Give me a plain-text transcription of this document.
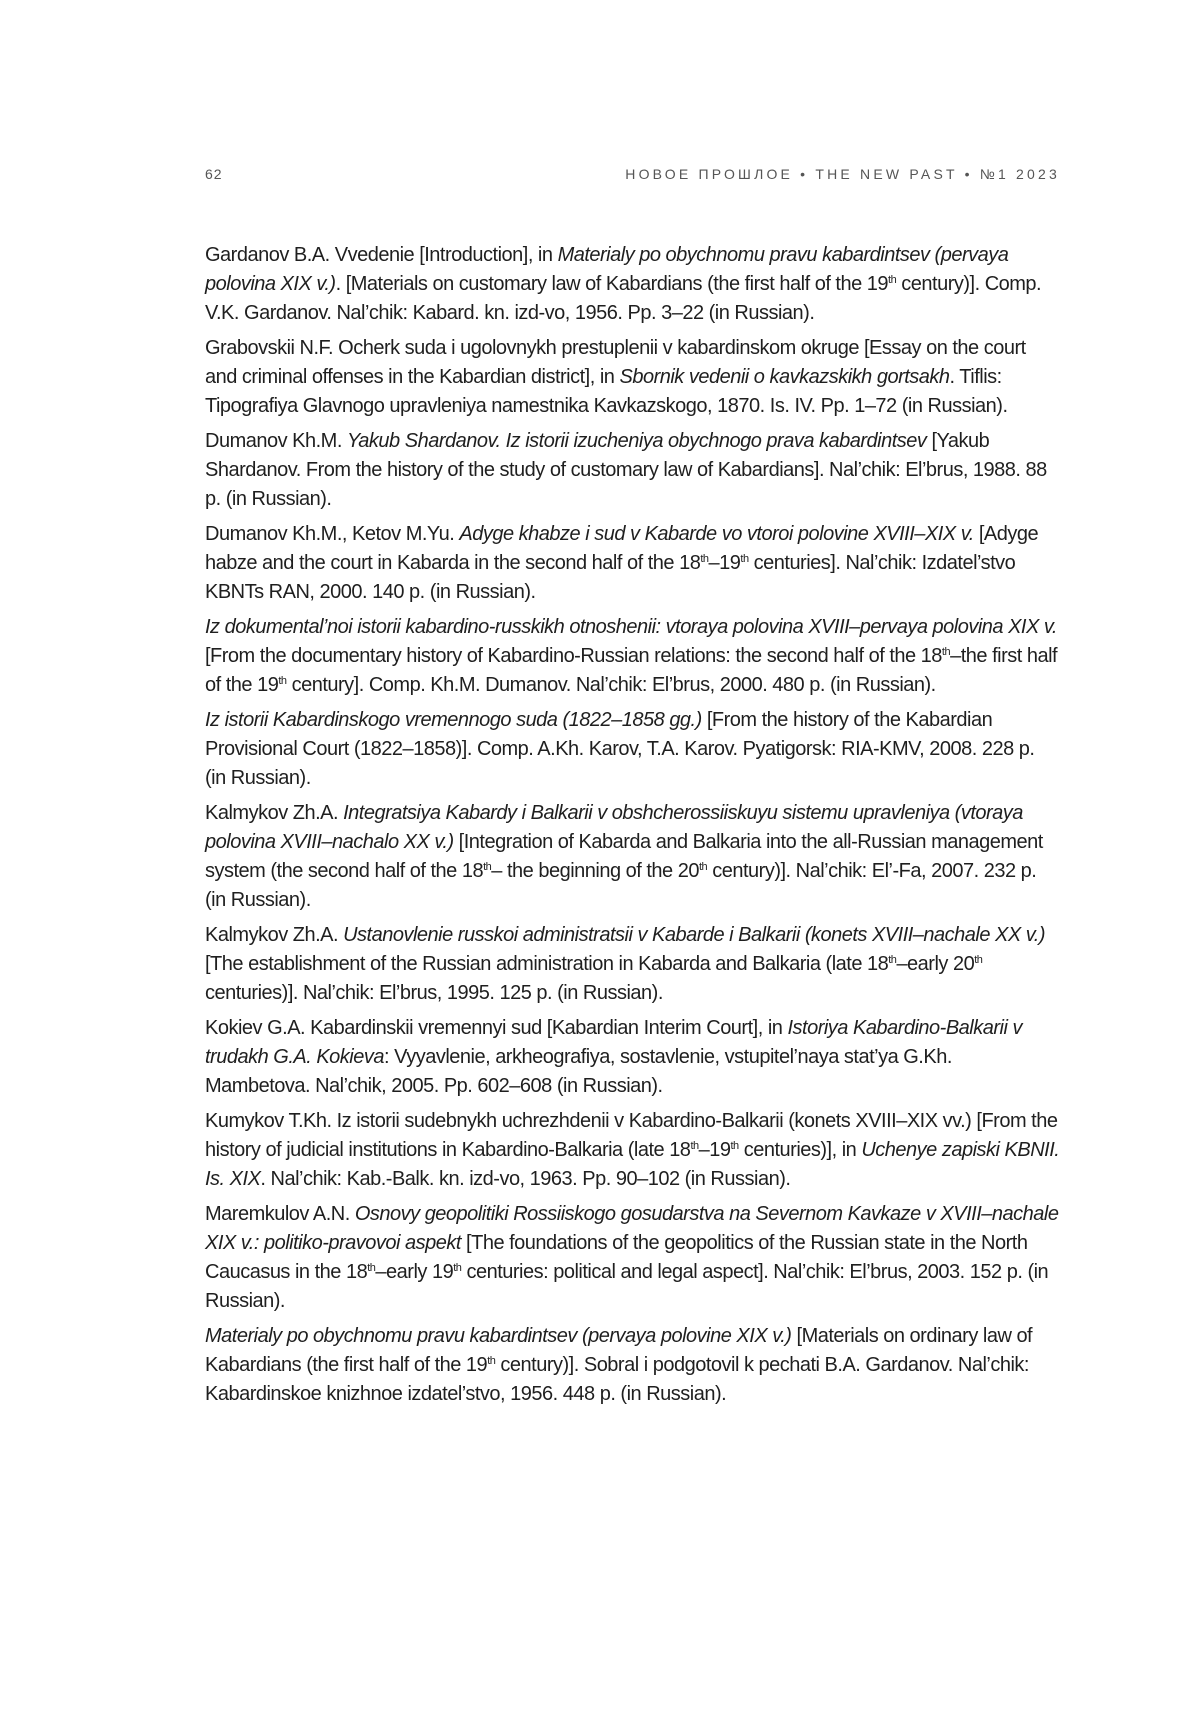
62	НОВОЕ ПРОШЛОЕ • THE NEW PAST • №1 2023

Gardanov B.A. Vvedenie [Introduction], in Materialy po obychnomu pravu kabardintsev (pervaya polovina XIX v.). [Materials on customary law of Kabardians (the first half of the 19th century)]. Comp. V.K. Gardanov. Nal’chik: Kabard. kn. izd-vo, 1956. Pp. 3–22 (in Russian).

Grabovskii N.F. Ocherk suda i ugolovnykh prestuplenii v kabardinskom okruge [Essay on the court and criminal offenses in the Kabardian district], in Sbornik vedenii o kavkazskikh gortsakh. Tiflis: Tipografiya Glavnogo upravleniya namestnika Kavkazskogo, 1870. Is. IV. Pp. 1–72 (in Russian).

Dumanov Kh.M. Yakub Shardanov. Iz istorii izucheniya obychnogo prava kabardintsev [Yakub Shardanov. From the history of the study of customary law of Kabardians]. Nal’chik: El’brus, 1988. 88 p. (in Russian).

Dumanov Kh.M., Ketov M.Yu. Adyge khabze i sud v Kabarde vo vtoroi polovine XVIII–XIX v. [Adyge habze and the court in Kabarda in the second half of the 18th–19th centuries]. Nal’chik: Izdatel’stvo KBNTs RAN, 2000. 140 p. (in Russian).

Iz dokumental’noi istorii kabardino-russkikh otnoshenii: vtoraya polovina XVIII–pervaya polovina XIX v. [From the documentary history of Kabardino-Russian relations: the second half of the 18th–the first half of the 19th century]. Comp. Kh.M. Dumanov. Nal’chik: El’brus, 2000. 480 p. (in Russian).

Iz istorii Kabardinskogo vremennogo suda (1822–1858 gg.) [From the history of the Kabardian Provisional Court (1822–1858)]. Comp. A.Kh. Karov, T.A. Karov. Pyatigorsk: RIA-KMV, 2008. 228 p. (in Russian).

Kalmykov Zh.A. Integratsiya Kabardy i Balkarii v obshcherossiiskuyu sistemu upravleniya (vtoraya polovina XVIII–nachalo XX v.) [Integration of Kabarda and Balkaria into the all-Russian management system (the second half of the 18th– the beginning of the 20th century)]. Nal’chik: El’-Fa, 2007. 232 p. (in Russian).

Kalmykov Zh.A. Ustanovlenie russkoi administratsii v Kabarde i Balkarii (konets XVIII–nachale XX v.) [The establishment of the Russian administration in Kabarda and Balkaria (late 18th–early 20th centuries)]. Nal’chik: El’brus, 1995. 125 p. (in Russian).

Kokiev G.A. Kabardinskii vremennyi sud [Kabardian Interim Court], in Istoriya Kabardino-Balkarii v trudakh G.A. Kokieva: Vyyavlenie, arkheografiya, sostavlenie, vstupitel’naya stat’ya G.Kh. Mambetova. Nal’chik, 2005. Pp. 602–608 (in Russian).

Kumykov T.Kh. Iz istorii sudebnykh uchrezhdenii v Kabardino-Balkarii (konets XVIII–XIX vv.) [From the history of judicial institutions in Kabardino-Balkaria (late 18th–19th centuries)], in Uchenye zapiski KBNII. Is. XIX. Nal’chik: Kab.-Balk. kn. izd-vo, 1963. Pp. 90–102 (in Russian).

Maremkulov A.N. Osnovy geopolitiki Rossiiskogo gosudarstva na Severnom Kavkaze v XVIII–nachale XIX v.: politiko-pravovoi aspekt [The foundations of the geopolitics of the Russian state in the North Caucasus in the 18th–early 19th centuries: political and legal aspect]. Nal’chik: El’brus, 2003. 152 p. (in Russian).

Materialy po obychnomu pravu kabardintsev (pervaya polovine XIX v.) [Materials on ordinary law of Kabardians (the first half of the 19th century)]. Sobral i podgotovil k pechati B.A. Gardanov. Nal’chik: Kabardinskoe knizhnoe izdatel’stvo, 1956. 448 p. (in Russian).
